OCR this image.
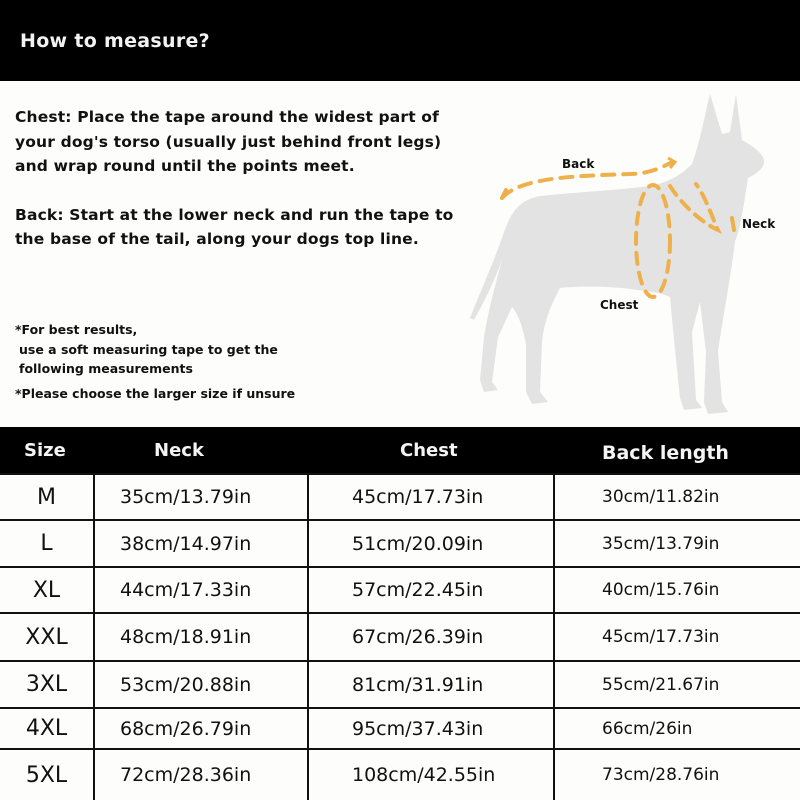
How to measure?

Chest: Place the tape around the widest part of your dog's torso (usually just behind front legs) and wrap round until the points meet.

Back: Start at the lower neck and run the tape to the base of the tail, along your dogs top line.

*For best results,
use a soft measuring tape to get the
following measurements
*Please choose the larger size if unsure
Back
Neck
Chest
Size	Neck	Chest	Back length
M	35cm/13.79in	45cm/17.73in	30cm/11.82in
L	38cm/14.97in	51cm/20.09in	35cm/13.79in
XL	44cm/17.33in	57cm/22.45in	40cm/15.76in
XXL	48cm/18.91in	67cm/26.39in	45cm/17.73in
3XL	53cm/20.88in	81cm/31.91in	55cm/21.67in
4XL	68cm/26.79in	95cm/37.43in	66cm/26in
5XL	72cm/28.36in	108cm/42.55in	73cm/28.76in
